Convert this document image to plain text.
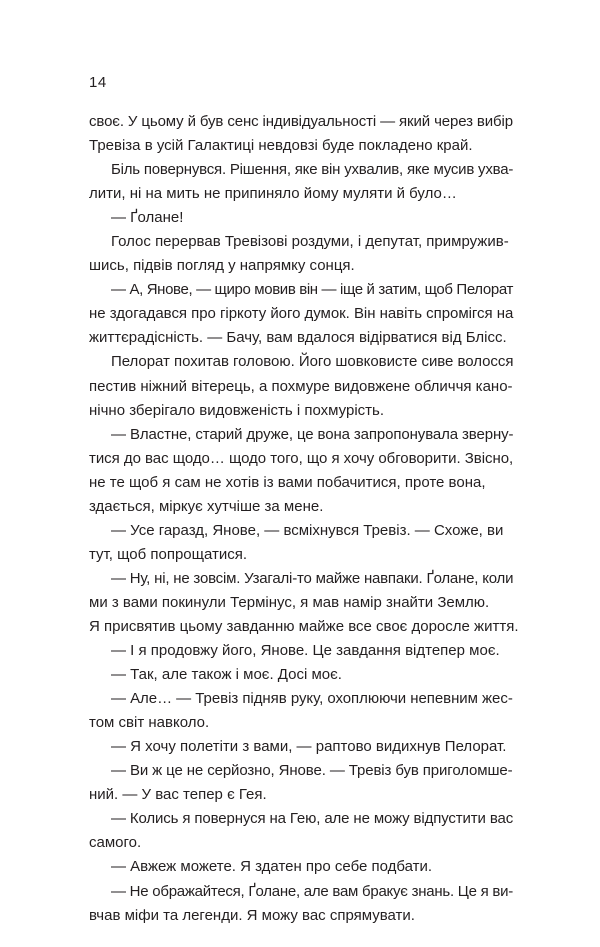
14
своє. У цьому й був сенс індивідуальності — який через вибір
Тревіза в усій Галактиці невдовзі буде покладено край.
Біль повернувся. Рішення, яке він ухвалив, яке мусив ухва-
лити, ні на мить не припиняло йому муляти й було…
— Ґолане!
Голос перервав Тревізові роздуми, і депутат, примружив-
шись, підвів погляд у напрямку сонця.
— А, Янове, — щиро мовив він — іще й затим, щоб Пелорат
не здогадався про гіркоту його думок. Він навіть спромігся на
життєрадісність. — Бачу, вам вдалося відірватися від Блісс.
Пелорат похитав головою. Його шовковисте сиве волосся
пестив ніжний вітерець, а похмуре видовжене обличчя кано-
нічно зберігало видовженість і похмурість.
— Властне, старий друже, це вона запропонувала зверну-
тися до вас щодо… щодо того, що я хочу обговорити. Звісно,
не те щоб я сам не хотів із вами побачитися, проте вона,
здається, міркує хутчіше за мене.
— Усе гаразд, Янове, — всміхнувся Тревіз. — Схоже, ви
тут, щоб попрощатися.
— Ну, ні, не зовсім. Узагалі-то майже навпаки. Ґолане, коли
ми з вами покинули Термінус, я мав намір знайти Землю.
Я присвятив цьому завданню майже все своє доросле життя.
— І я продовжу його, Янове. Це завдання відтепер моє.
— Так, але також і моє. Досі моє.
— Але… — Тревіз підняв руку, охоплюючи непевним жес-
том світ навколо.
— Я хочу полетіти з вами, — раптово видихнув Пелорат.
— Ви ж це не серйозно, Янове. — Тревіз був приголомше-
ний. — У вас тепер є Гея.
— Колись я повернуся на Гею, але не можу відпустити вас
самого.
— Авжеж можете. Я здатен про себе подбати.
— Не ображайтеся, Ґолане, але вам бракує знань. Це я ви-
вчав міфи та легенди. Я можу вас спрямувати.
